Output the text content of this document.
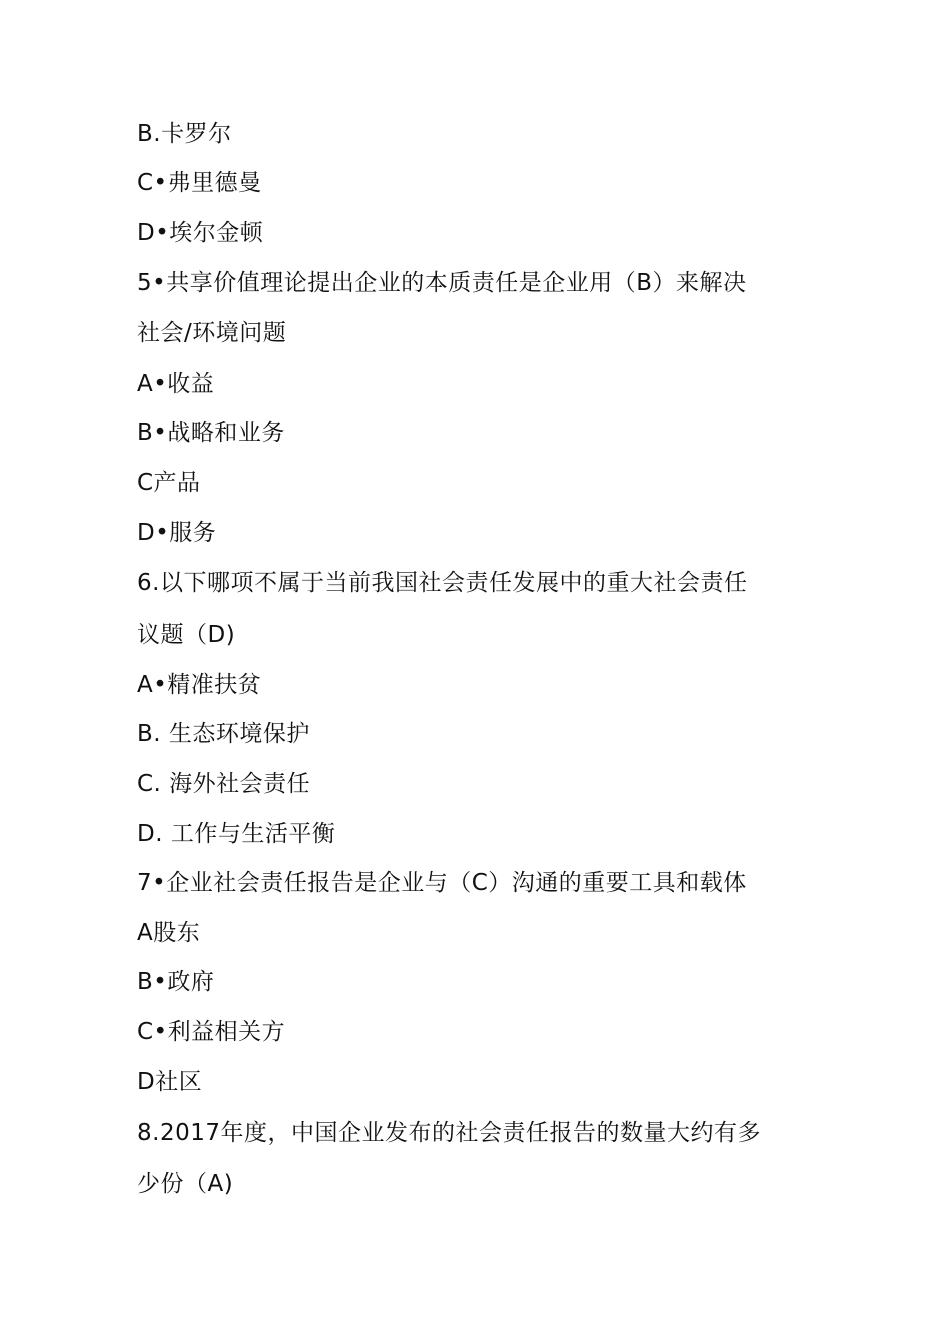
B.卡罗尔
C•弗里德曼
D•埃尔金顿
5•共享价值理论提出企业的本质责任是企业用（B）来解决
社会/环境问题
A•收益
B•战略和业务
C产品
D•服务
6.以下哪项不属于当前我国社会责任发展中的重大社会责任
议题（D)
A•精准扶贫
B. 生态环境保护
C. 海外社会责任
D. 工作与生活平衡
7•企业社会责任报告是企业与（C）沟通的重要工具和载体
A股东
B•政府
C•利益相关方
D社区
8.2017年度，中国企业发布的社会责任报告的数量大约有多
少份（A)
